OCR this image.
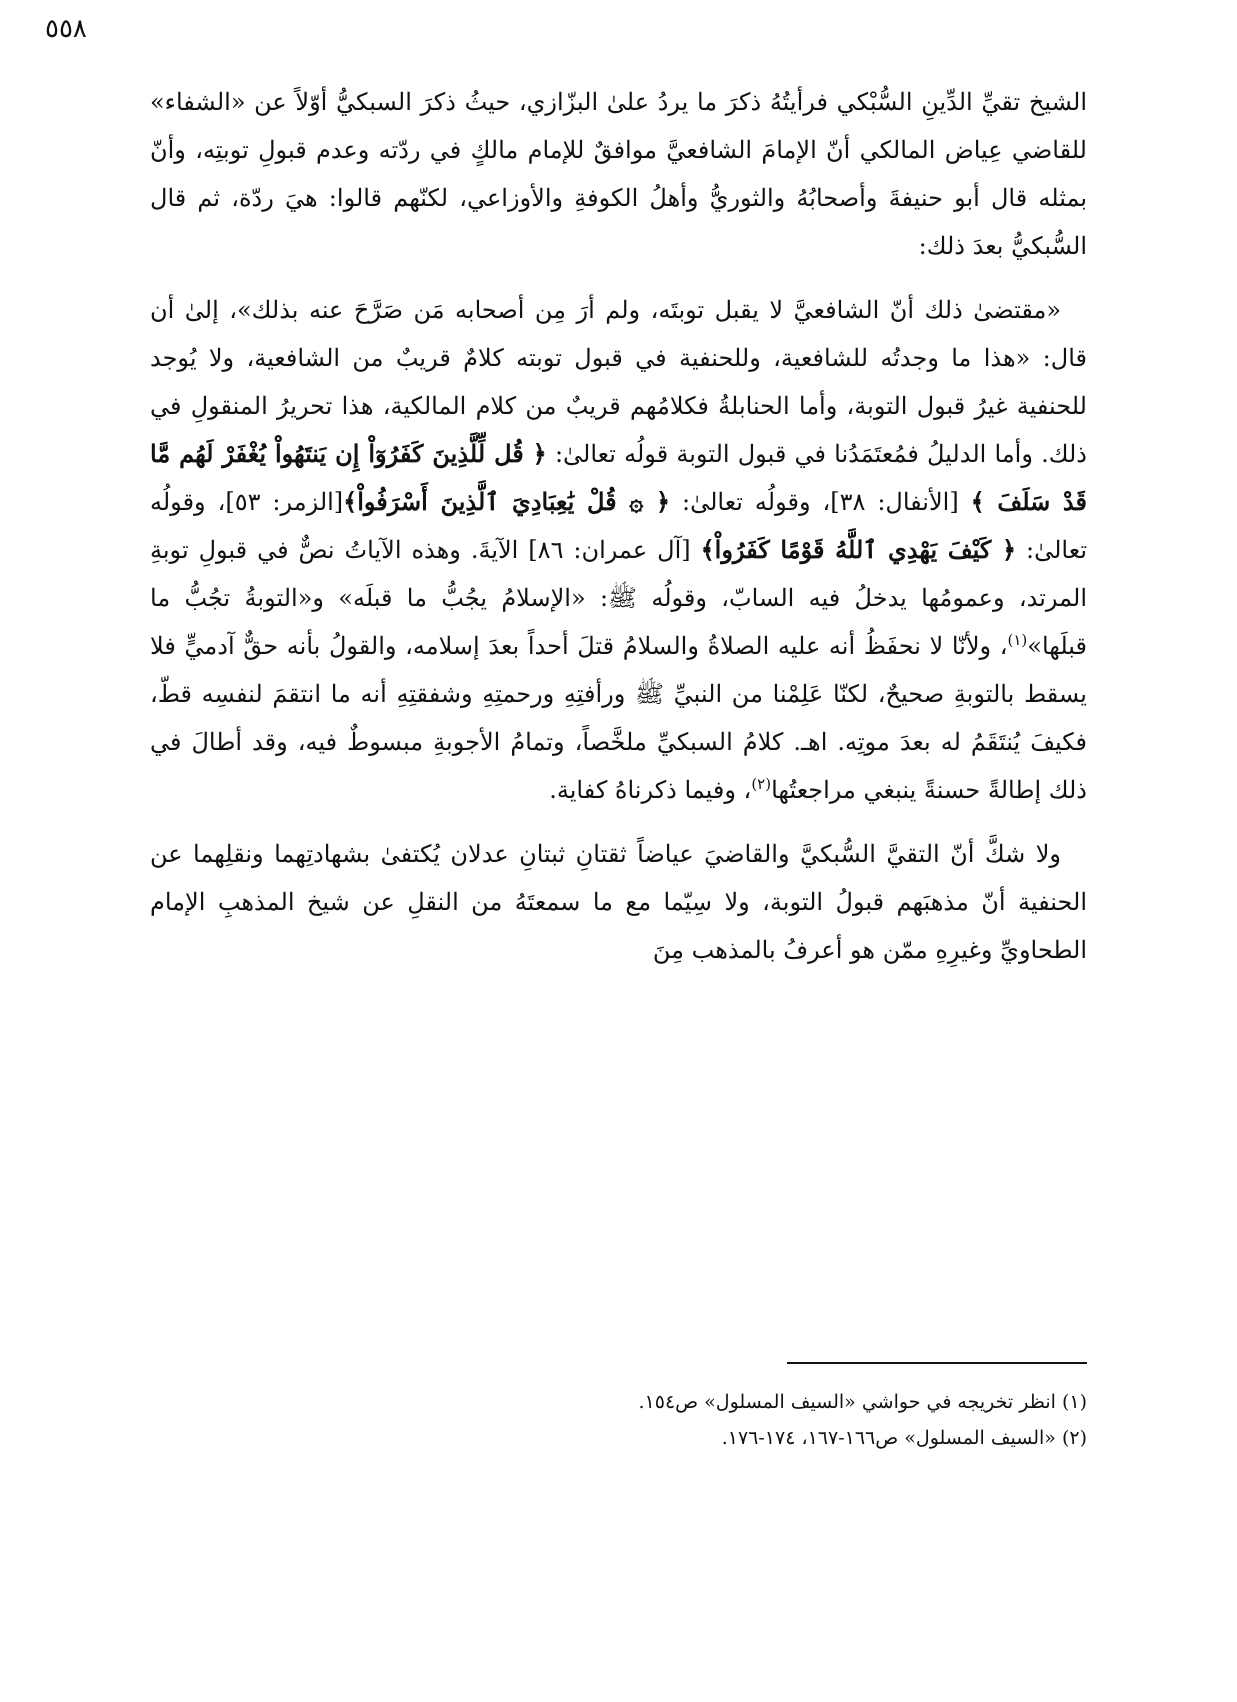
٥٥٨

الشيخ تقيِّ الدِّينِ السُّبْكي فرأيتُهُ ذكرَ ما يردُ علىٰ البزّازي، حيثُ ذكرَ السبكيُّ أوّلاً عن «الشفاء» للقاضي عِياض المالكي أنّ الإمامَ الشافعيَّ موافقٌ للإمام مالكٍ في ردّته وعدم قبولِ توبتِه، وأنّ بمثله قال أبو حنيفةَ وأصحابُهُ والثوريُّ وأهلُ الكوفةِ والأوزاعي، لكنّهم قالوا: هيَ ردّة، ثم قال السُّبكيُّ بعدَ ذلك:

«مقتضىٰ ذلك أنّ الشافعيَّ لا يقبل توبتَه، ولم أرَ مِن أصحابه مَن صَرَّحَ عنه بذلك»، إلىٰ أن قال: «هذا ما وجدتُه للشافعية، وللحنفية في قبول توبته كلامٌ قريبٌ من الشافعية، ولا يُوجد للحنفية غيرُ قبول التوبة، وأما الحنابلةُ فكلامُهم قريبٌ من كلام المالكية، هذا تحريرُ المنقولِ في ذلك. وأما الدليلُ فمُعتَمَدُنا في قبول التوبة قولُه تعالىٰ: ﴿ قُل لِّلَّذِينَ كَفَرُوٓاْ إِن يَنتَهُواْ يُغْفَرْ لَهُم مَّا قَدْ سَلَفَ ﴾ [الأنفال: ٣٨]، وقولُه تعالىٰ: ﴿ ۞ قُلْ يَٰعِبَادِيَ ٱلَّذِينَ أَسْرَفُواْ﴾[الزمر: ٥٣]، وقولُه تعالىٰ: ﴿ كَيْفَ يَهْدِي ٱللَّهُ قَوْمًا كَفَرُواْ﴾ [آل عمران: ٨٦] الآيةَ. وهذه الآياتُ نصٌّ في قبولِ توبةِ المرتد، وعمومُها يدخلُ فيه السابّ، وقولُه ﷺ: «الإسلامُ يجُبُّ ما قبلَه» و«التوبةُ تجُبُّ ما قبلَها»$^{(١)}$، ولأنّا لا نحفَظُ أنه عليه الصلاةُ والسلامُ قتلَ أحداً بعدَ إسلامه، والقولُ بأنه حقٌّ آدميٍّ فلا يسقط بالتوبةِ صحيحٌ، لكنّا عَلِمْنا من النبيِّ ﷺ ورأفتِهِ ورحمتِهِ وشفقتِهِ أنه ما انتقمَ لنفسِه قطّ، فكيفَ يُنتَقَمُ له بعدَ موتِه. اهـ. كلامُ السبكيِّ ملخَّصاً، وتمامُ الأجوبةِ مبسوطٌ فيه، وقد أطالَ في ذلك إطالةً حسنةً ينبغي مراجعتُها$^{(٢)}$، وفيما ذكرناهُ كفاية.

ولا شكَّ أنّ التقيَّ السُّبكيَّ والقاضيَ عياضاً ثقتانِ ثبتانِ عدلان يُكتفىٰ بشهادتِهما ونقلِهما عن الحنفية أنّ مذهبَهم قبولُ التوبة، ولا سِيّما مع ما سمعتَهُ من النقلِ عن شيخ المذهبِ الإمام الطحاويِّ وغيرِهِ ممّن هو أعرفُ بالمذهب مِنَ

(١) انظر تخريجه في حواشي «السيف المسلول» ص١٥٤.

(٢) «السيف المسلول» ص١٦٦-١٦٧، ١٧٤-١٧٦.
